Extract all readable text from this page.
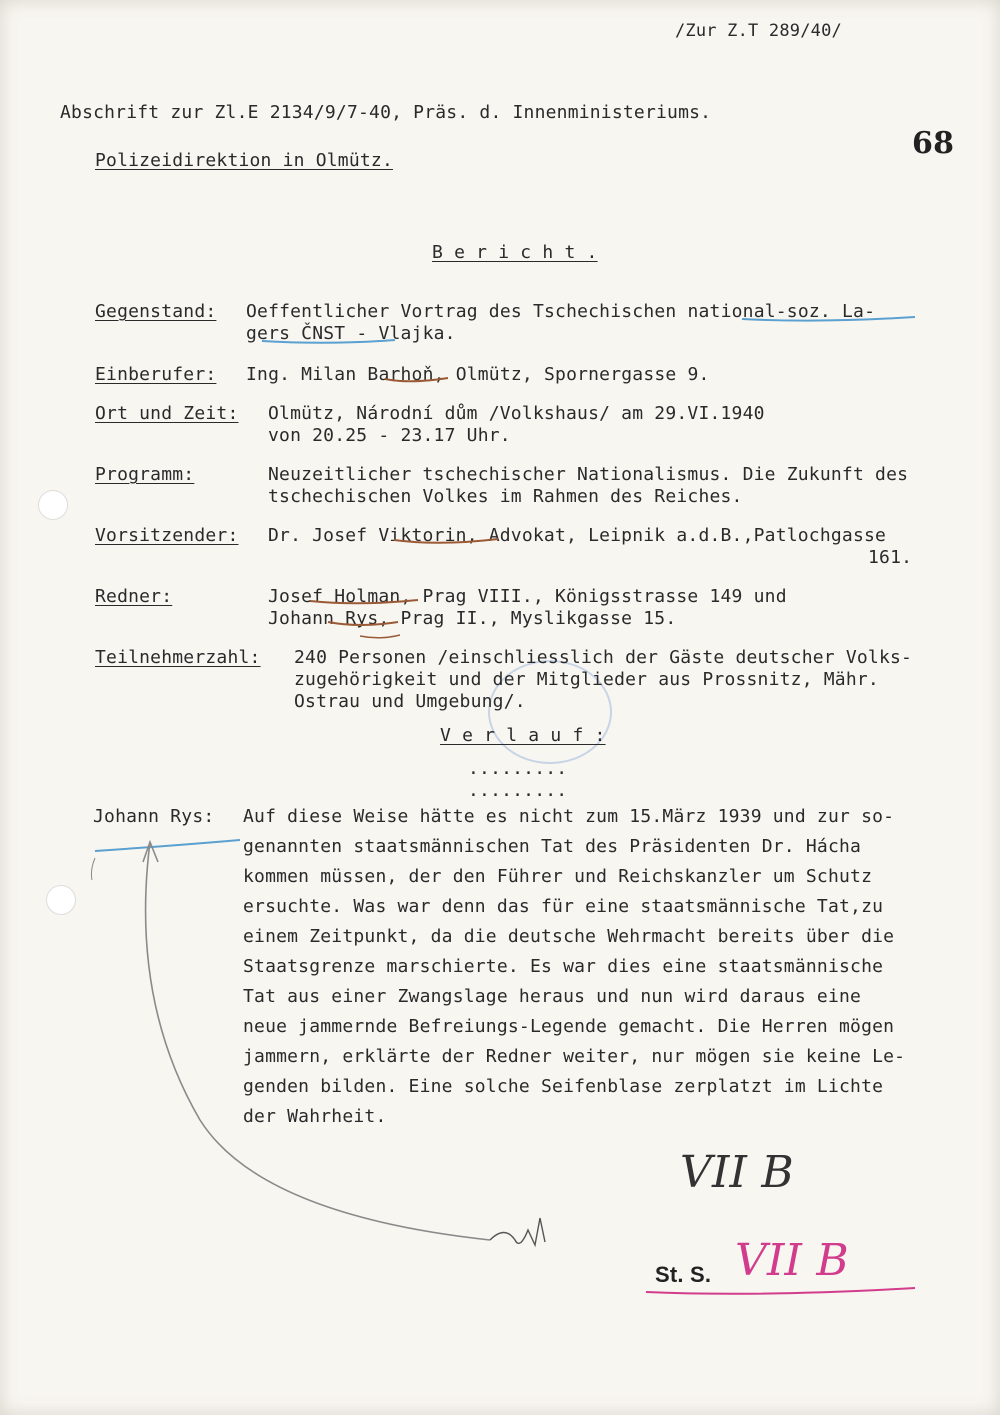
/Zur Z.T 289/40/
Abschrift zur Zl.E 2134/9/7-40, Präs. d. Innenministeriums.
68
Polizeidirektion in Olmütz.
B e r i c h t .
Gegenstand: Oeffentlicher Vortrag des Tschechischen national-soz. La-
gers ČNST - Vlajka.
Einberufer: Ing. Milan Barhoň, Olmütz, Spornergasse 9.
Ort und Zeit: Olmütz, Národní dům /Volkshaus/ am 29.VI.1940
von 20.25 - 23.17 Uhr.
Programm:	Neuzeitlicher tschechischer Nationalismus. Die Zukunft des
tschechischen Volkes im Rahmen des Reiches.
Vorsitzender: Dr. Josef Viktorin, Advokat, Leipnik a.d.B.,Patlochgasse
161.
Redner:	Josef Holman, Prag VIII., Königsstrasse 149 und
Johann Rys, Prag II., Myslikgasse 15.
Teilnehmerzahl: 240 Personen /einschliesslich der Gäste deutscher Volks-
zugehörigkeit und der Mitglieder aus Prossnitz, Mähr.
Ostrau und Umgebung/.
V e r l a u f :
.........
.........
Johann Rys: Auf diese Weise hätte es nicht zum 15.März 1939 und zur so-
genannten staatsmännischen Tat des Präsidenten Dr. Hácha
kommen müssen, der den Führer und Reichskanzler um Schutz
ersuchte. Was war denn das für eine staatsmännische Tat,zu
einem Zeitpunkt, da die deutsche Wehrmacht bereits über die
Staatsgrenze marschierte. Es war dies eine staatsmännische
Tat aus einer Zwangslage heraus und nun wird daraus eine
neue jammernde Befreiungs-Legende gemacht. Die Herren mögen
jammern, erklärte der Redner weiter, nur mögen sie keine Le-
genden bilden. Eine solche Seifenblase zerplatzt im Lichte
der Wahrheit.
VII B
St. S. VII B
